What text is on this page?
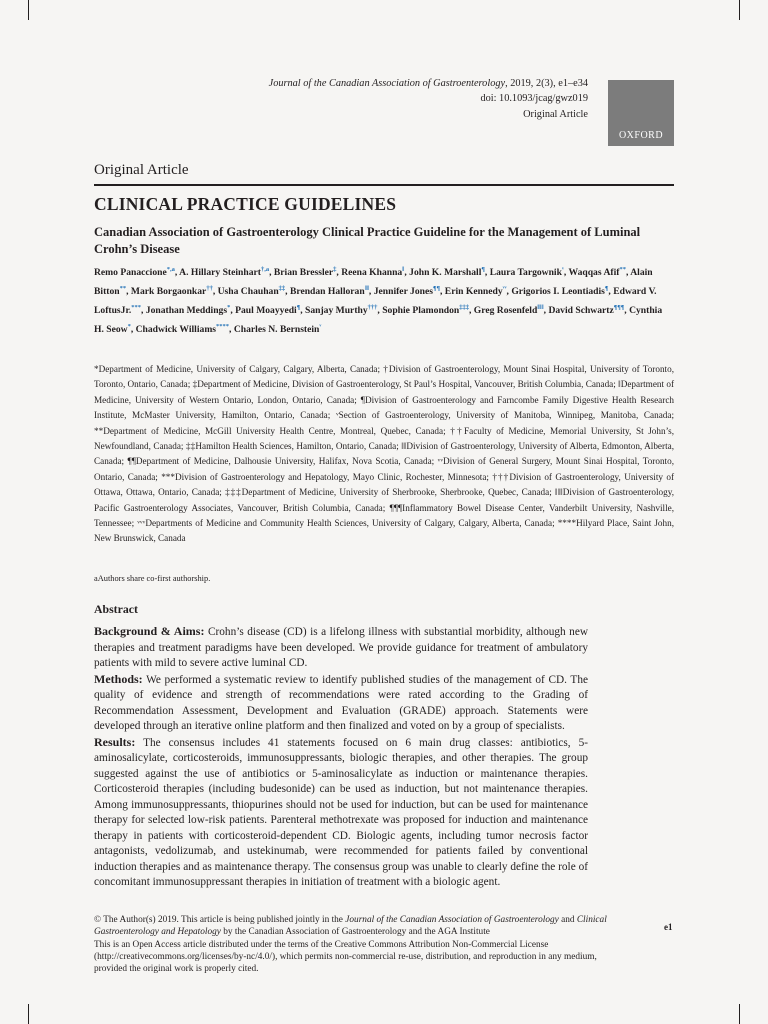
Journal of the Canadian Association of Gastroenterology, 2019, 2(3), e1–e34
doi: 10.1093/jcag/gwz019
Original Article
OXFORD
Original Article
CLINICAL PRACTICE GUIDELINES
Canadian Association of Gastroenterology Clinical Practice Guideline for the Management of Luminal Crohn’s Disease
Remo Panaccione$^{*,a}$, A. Hillary Steinhart$^{\dagger,a}$, Brian Bressler‡, Reena Khanna$^ǁ$, John K. Marshall¶, Laura Targownik$^ᵛ$, Waqqas Afif**, Alain Bitton**, Mark Borgaonkar††, Usha Chauhan‡‡, Brendan Halloran$^{ǁǁ}$, Jennifer Jones¶¶, Erin Kennedy$^{ᵛᵛ}$, Grigorios I. Leontiadis¶, Edward V. LoftusJr.***, Jonathan Meddings*, Paul Moayyedi¶, Sanjay Murthy†††, Sophie Plamondon‡‡‡, Greg Rosenfeld$^{ǁǁǁ}$, David Schwartz¶¶¶, Cynthia H. Seow*, Chadwick Williams****, Charles N. Bernstein$^ᵛ$
*Department of Medicine, University of Calgary, Calgary, Alberta, Canada; †Division of Gastroenterology, Mount Sinai Hospital, University of Toronto, Toronto, Ontario, Canada; ‡Department of Medicine, Division of Gastroenterology, St Paul’s Hospital, Vancouver, British Columbia, Canada; ǁDepartment of Medicine, University of Western Ontario, London, Ontario, Canada; ¶Division of Gastroenterology and Farncombe Family Digestive Health Research Institute, McMaster University, Hamilton, Ontario, Canada; ᵛSection of Gastroenterology, University of Manitoba, Winnipeg, Manitoba, Canada; **Department of Medicine, McGill University Health Centre, Montreal, Quebec, Canada; ††Faculty of Medicine, Memorial University, St John’s, Newfoundland, Canada; ‡‡Hamilton Health Sciences, Hamilton, Ontario, Canada; ǁǁDivision of Gastroenterology, University of Alberta, Edmonton, Alberta, Canada; ¶¶Department of Medicine, Dalhousie University, Halifax, Nova Scotia, Canada; ᵛᵛDivision of General Surgery, Mount Sinai Hospital, Toronto, Ontario, Canada; ***Division of Gastroenterology and Hepatology, Mayo Clinic, Rochester, Minnesota; †††Division of Gastroenterology, University of Ottawa, Ottawa, Ontario, Canada; ‡‡‡Department of Medicine, University of Sherbrooke, Sherbrooke, Quebec, Canada; ǁǁǁDivision of Gastroenterology, Pacific Gastroenterology Associates, Vancouver, British Columbia, Canada; ¶¶¶Inflammatory Bowel Disease Center, Vanderbilt University, Nashville, Tennessee; ᵛᵛᵛDepartments of Medicine and Community Health Sciences, University of Calgary, Calgary, Alberta, Canada; ****Hilyard Place, Saint John, New Brunswick, Canada
aAuthors share co-first authorship.
Abstract

Background & Aims: Crohn’s disease (CD) is a lifelong illness with substantial morbidity, although new therapies and treatment paradigms have been developed. We provide guidance for treatment of ambulatory patients with mild to severe active luminal CD.

Methods: We performed a systematic review to identify published studies of the management of CD. The quality of evidence and strength of recommendations were rated according to the Grading of Recommendation Assessment, Development and Evaluation (GRADE) approach. Statements were developed through an iterative online platform and then finalized and voted on by a group of specialists.

Results: The consensus includes 41 statements focused on 6 main drug classes: antibiotics, 5-aminosalicylate, corticosteroids, immunosuppressants, biologic therapies, and other therapies. The group suggested against the use of antibiotics or 5-aminosalicylate as induction or maintenance therapies. Corticosteroid therapies (including budesonide) can be used as induction, but not maintenance therapies. Among immunosuppressants, thiopurines should not be used for induction, but can be used for maintenance therapy for selected low-risk patients. Parenteral methotrexate was proposed for induction and maintenance therapy in patients with corticosteroid-dependent CD. Biologic agents, including tumor necrosis factor antagonists, vedolizumab, and ustekinumab, were recommended for patients failed by conventional induction therapies and as maintenance therapy. The consensus group was unable to clearly define the role of concomitant immunosuppressant therapies in initiation of treatment with a biologic agent.

© The Author(s) 2019. This article is being published jointly in the Journal of the Canadian Association of Gastroenterology and Clinical Gastroenterology and Hepatology by the Canadian Association of Gastroenterology and the AGA Institute

This is an Open Access article distributed under the terms of the Creative Commons Attribution Non-Commercial License (http://creativecommons.org/licenses/by-nc/4.0/), which permits non-commercial re-use, distribution, and reproduction in any medium, provided the original work is properly cited.

e1
